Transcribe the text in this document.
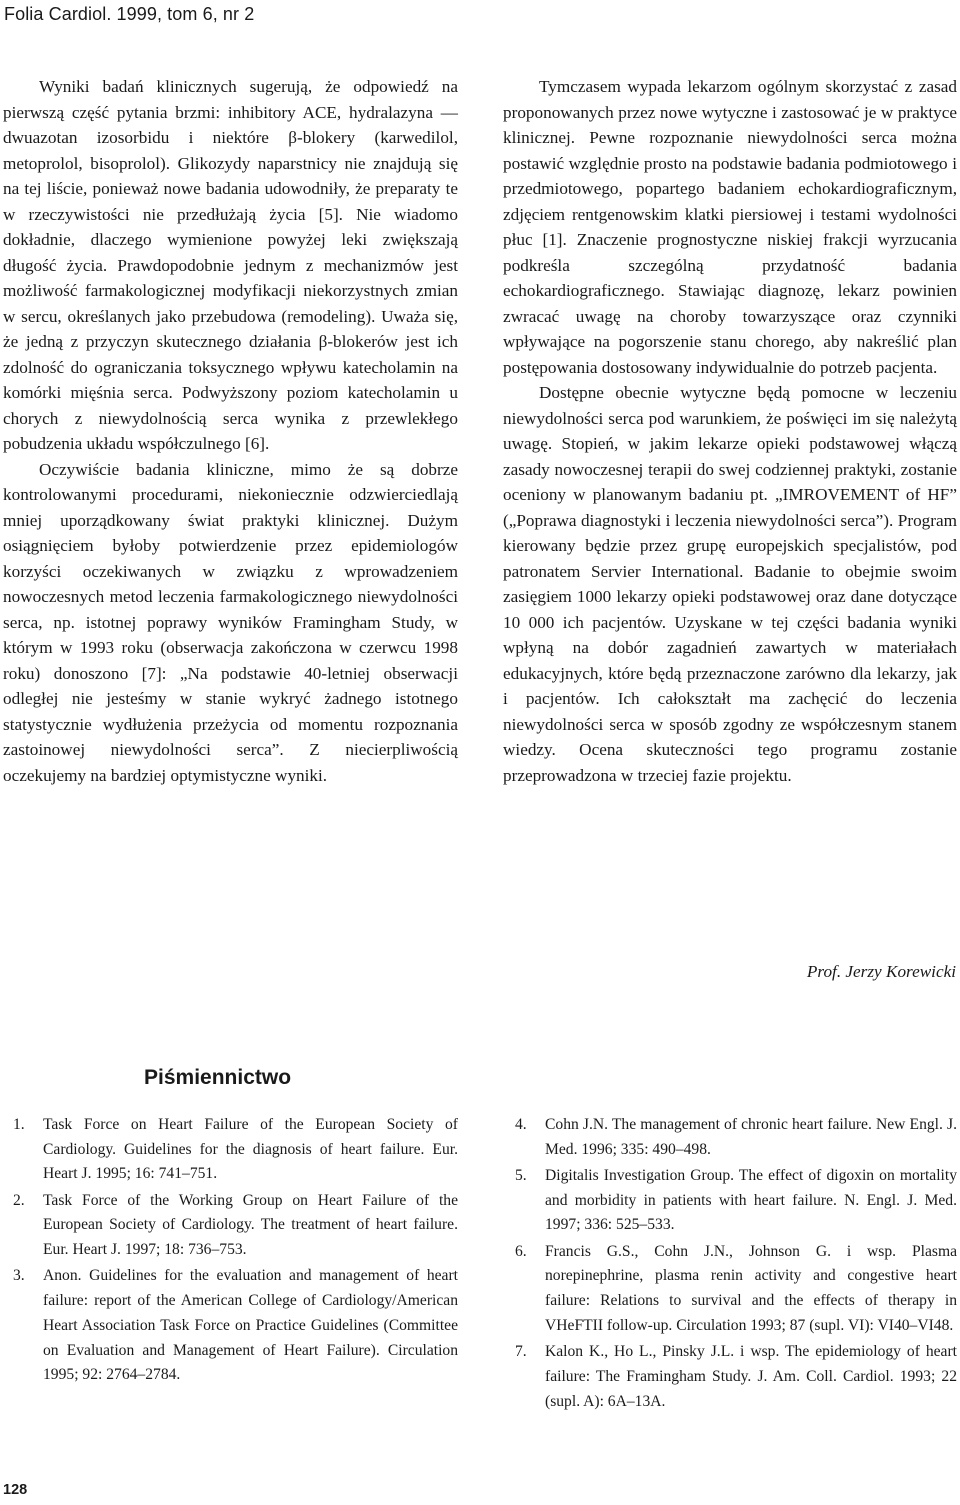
Folia Cardiol. 1999, tom 6, nr 2

Wyniki badań klinicznych sugerują, że odpowiedź na pierwszą część pytania brzmi: inhibitory ACE, hydralazyna — dwuazotan izosorbidu i niektóre β-blokery (karwedilol, metoprolol, bisoprolol). Glikozydy naparstnicy nie znajdują się na tej liście, ponieważ nowe badania udowodniły, że preparaty te w rzeczywistości nie przedłużają życia [5]. Nie wiadomo dokładnie, dlaczego wymienione powyżej leki zwiększają długość życia. Prawdopodobnie jednym z mechanizmów jest możliwość farmakologicznej modyfikacji niekorzystnych zmian w sercu, określanych jako przebudowa (remodeling). Uważa się, że jedną z przyczyn skutecznego działania β-blokerów jest ich zdolność do ograniczania toksycznego wpływu katecholamin na komórki mięśnia serca. Podwyższony poziom katecholamin u chorych z niewydolnością serca wynika z przewlekłego pobudzenia układu współczulnego [6].

Oczywiście badania kliniczne, mimo że są dobrze kontrolowanymi procedurami, niekoniecznie odzwierciedlają mniej uporządkowany świat praktyki klinicznej. Dużym osiągnięciem byłoby potwierdzenie przez epidemiologów korzyści oczekiwanych w związku z wprowadzeniem nowoczesnych metod leczenia farmakologicznego niewydolności serca, np. istotnej poprawy wyników Framingham Study, w którym w 1993 roku (obserwacja zakończona w czerwcu 1998 roku) donoszono [7]: „Na podstawie 40-letniej obserwacji odległej nie jesteśmy w stanie wykryć żadnego istotnego statystycznie wydłużenia przeżycia od momentu rozpoznania zastoinowej niewydolności serca”. Z niecierpliwością oczekujemy na bardziej optymistyczne wyniki.

Tymczasem wypada lekarzom ogólnym skorzystać z zasad proponowanych przez nowe wytyczne i zastosować je w praktyce klinicznej. Pewne rozpoznanie niewydolności serca można postawić względnie prosto na podstawie badania podmiotowego i przedmiotowego, popartego badaniem echokardiograficznym, zdjęciem rentgenowskim klatki piersiowej i testami wydolności płuc [1]. Znaczenie prognostyczne niskiej frakcji wyrzucania podkreśla szczególną przydatność badania echokardiograficznego. Stawiając diagnozę, lekarz powinien zwracać uwagę na choroby towarzyszące oraz czynniki wpływające na pogorszenie stanu chorego, aby nakreślić plan postępowania dostosowany indywidualnie do potrzeb pacjenta.

Dostępne obecnie wytyczne będą pomocne w leczeniu niewydolności serca pod warunkiem, że poświęci im się należytą uwagę. Stopień, w jakim lekarze opieki podstawowej włączą zasady nowoczesnej terapii do swej codziennej praktyki, zostanie oceniony w planowanym badaniu pt. „IMROVEMENT of HF” („Poprawa diagnostyki i leczenia niewydolności serca”). Program kierowany będzie przez grupę europejskich specjalistów, pod patronatem Servier International. Badanie to obejmie swoim zasięgiem 1000 lekarzy opieki podstawowej oraz dane dotyczące 10 000 ich pacjentów. Uzyskane w tej części badania wyniki wpłyną na dobór zagadnień zawartych w materiałach edukacyjnych, które będą przeznaczone zarówno dla lekarzy, jak i pacjentów. Ich całokształt ma zachęcić do leczenia niewydolności serca w sposób zgodny ze współczesnym stanem wiedzy. Ocena skuteczności tego programu zostanie przeprowadzona w trzeciej fazie projektu.

Prof. Jerzy Korewicki
Piśmiennictwo
1.	Task Force on Heart Failure of the European Society of Cardiology. Guidelines for the diagnosis of heart failure. Eur. Heart J. 1995; 16: 741–751.
2.	Task Force of the Working Group on Heart Failure of the European Society of Cardiology. The treatment of heart failure. Eur. Heart J. 1997; 18: 736–753.
3.	Anon. Guidelines for the evaluation and management of heart failure: report of the American College of Cardiology/American Heart Association Task Force on Practice Guidelines (Committee on Evaluation and Management of Heart Failure). Circulation 1995; 92: 2764–2784.
4.	Cohn J.N. The management of chronic heart failure. New Engl. J. Med. 1996; 335: 490–498.
5.	Digitalis Investigation Group. The effect of digoxin on mortality and morbidity in patients with heart failure. N. Engl. J. Med. 1997; 336: 525–533.
6.	Francis G.S., Cohn J.N., Johnson G. i wsp. Plasma norepinephrine, plasma renin activity and congestive heart failure: Relations to survival and the effects of therapy in VHeFTII follow-up. Circulation 1993; 87 (supl. VI): VI40–VI48.
7.	Kalon K., Ho L., Pinsky J.L. i wsp. The epidemiology of heart failure: The Framingham Study. J. Am. Coll. Cardiol. 1993; 22 (supl. A): 6A–13A.
128
